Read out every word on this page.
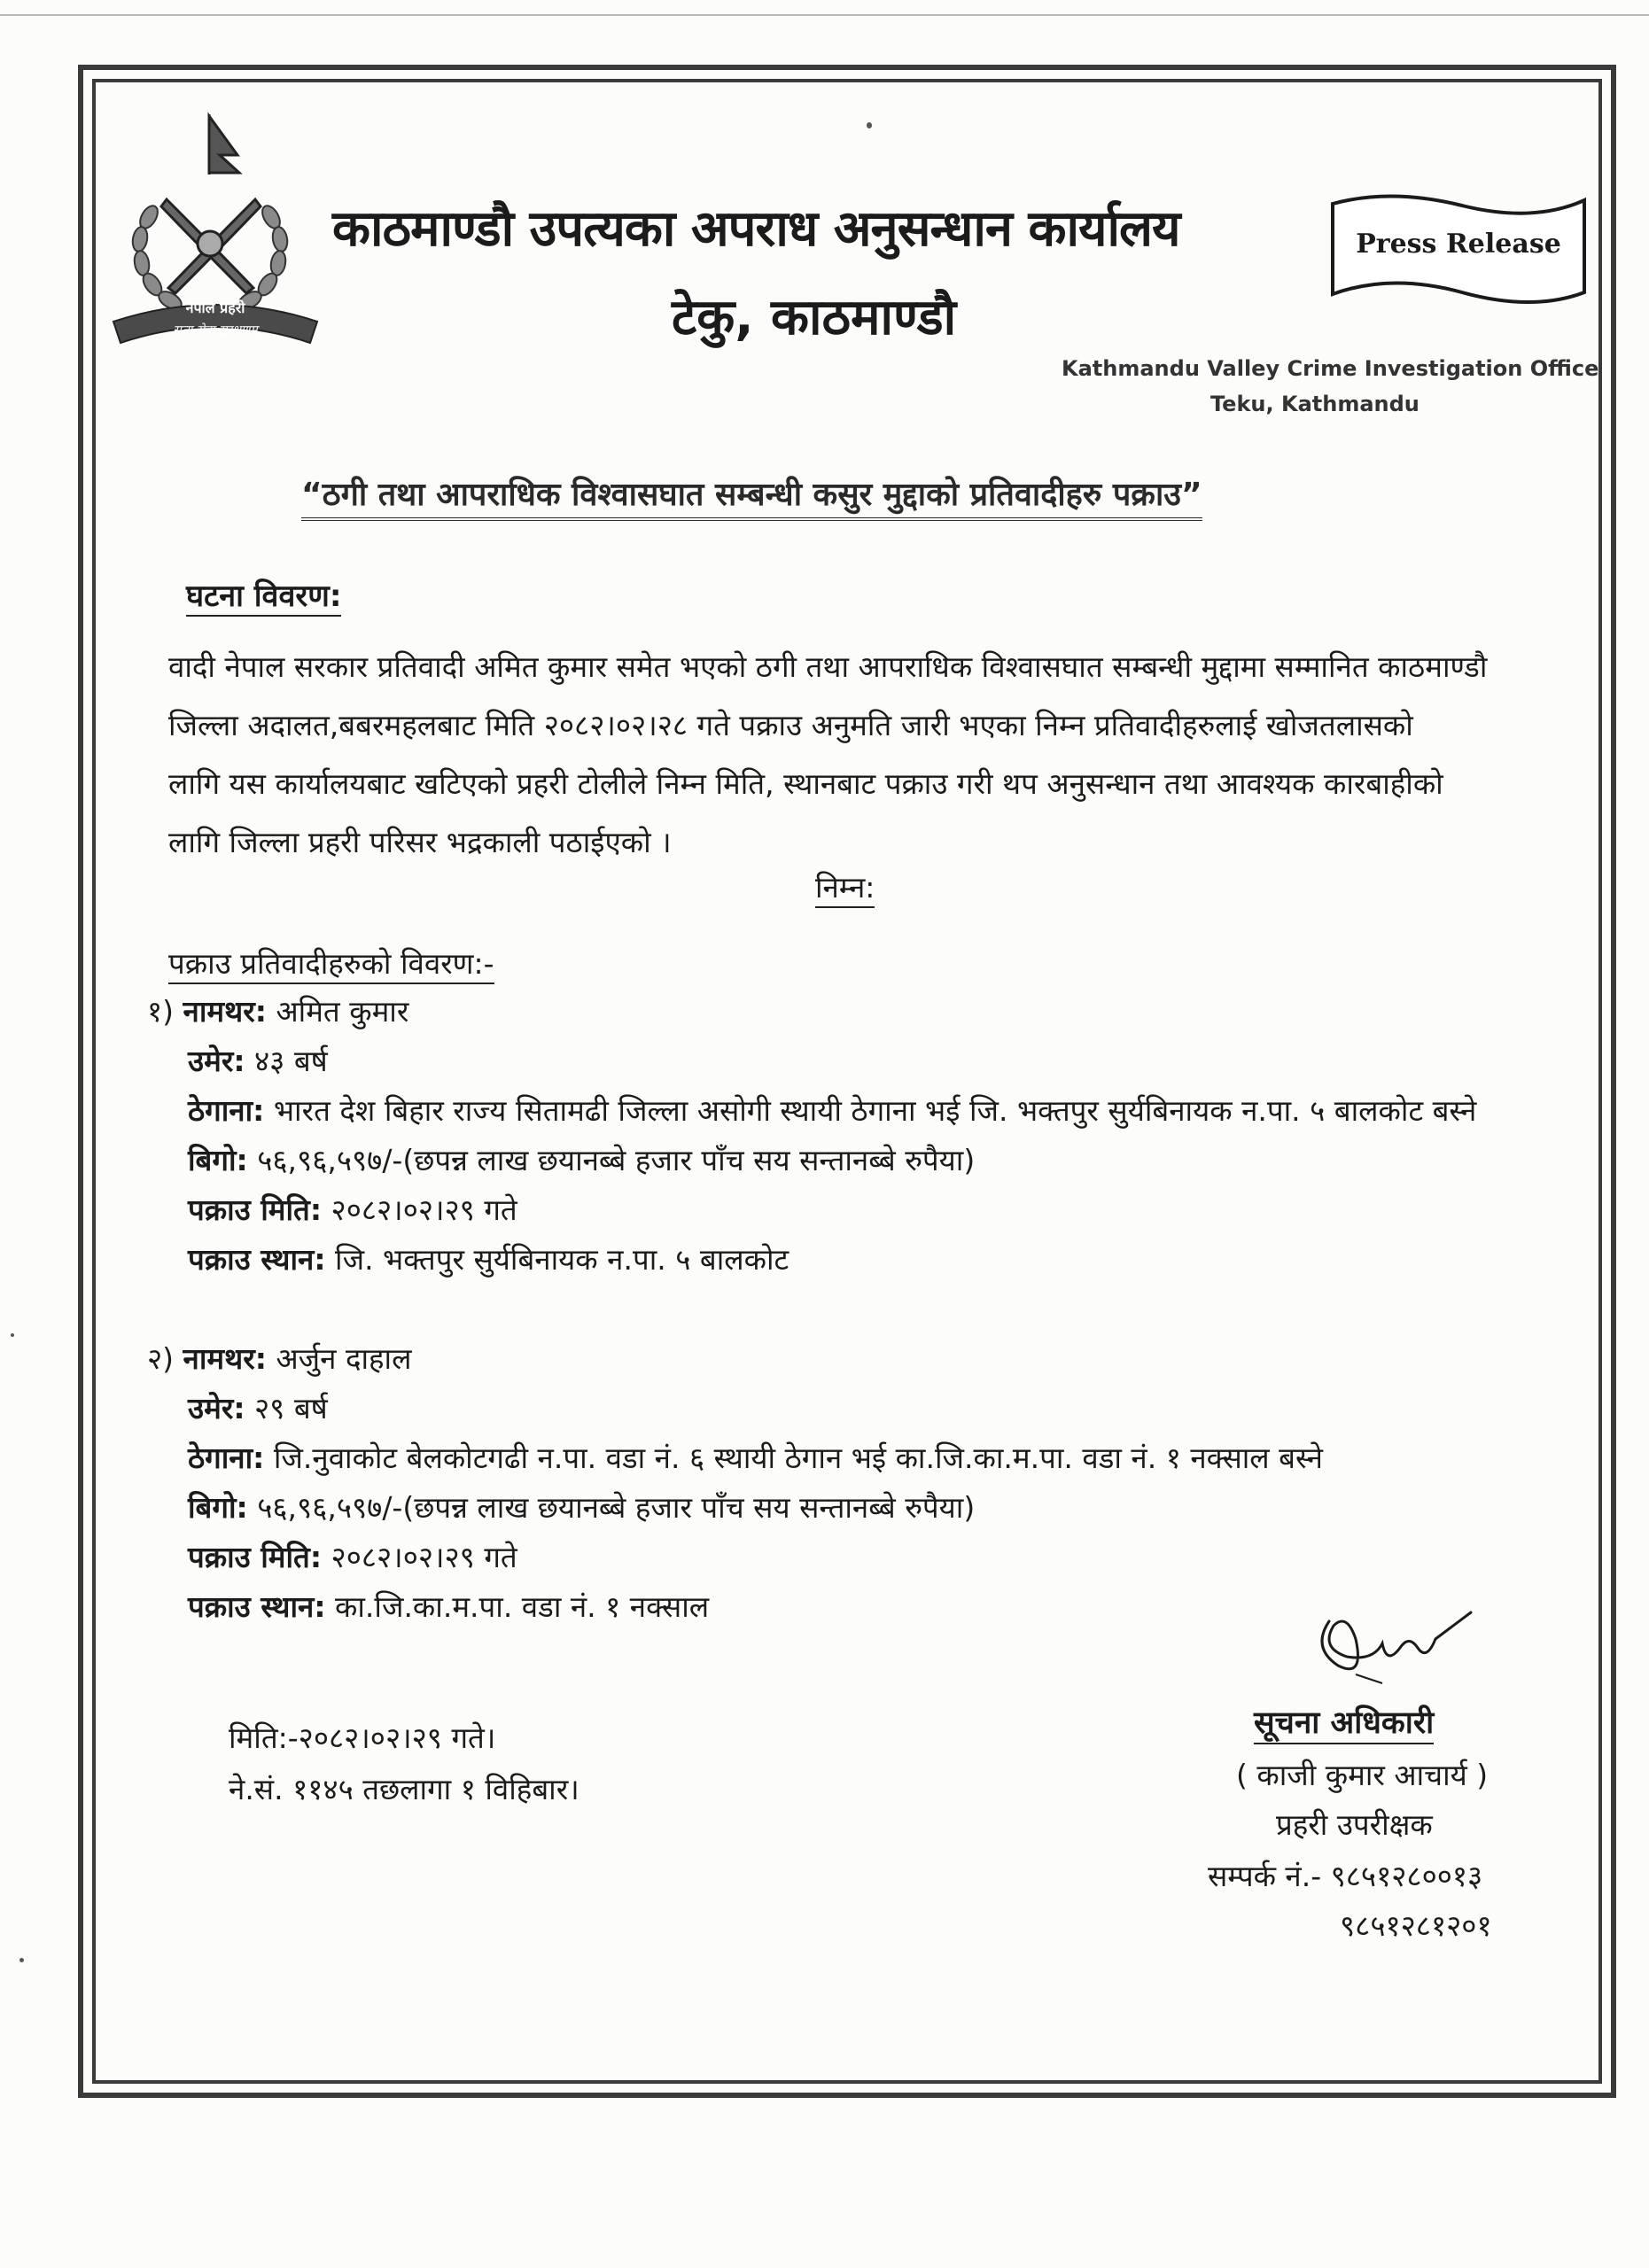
नेपाल प्रहरी
सत्य सेवा सुरक्षणम्
काठमाण्डौ उपत्यका अपराध अनुसन्धान कार्यालय
टेकु, काठमाण्डौ
Press Release
Kathmandu Valley Crime Investigation Office
Teku, Kathmandu
“ठगी तथा आपराधिक विश्वासघात सम्बन्धी कसुर मुद्दाको प्रतिवादीहरु पक्राउ”
घटना विवरण:
वादी नेपाल सरकार प्रतिवादी अमित कुमार समेत भएको ठगी तथा आपराधिक विश्वासघात सम्बन्धी मुद्दामा सम्मानित काठमाण्डौ
जिल्ला अदालत,बबरमहलबाट मिति २०८२।०२।२८ गते पक्राउ अनुमति जारी भएका निम्न प्रतिवादीहरुलाई खोजतलासको
लागि यस कार्यालयबाट खटिएको प्रहरी टोलीले निम्न मिति, स्थानबाट पक्राउ गरी थप अनुसन्धान तथा आवश्यक कारबाहीको
लागि जिल्ला प्रहरी परिसर भद्रकाली पठाईएको ।
निम्न:
पक्राउ प्रतिवादीहरुको विवरण:-
१) नामथर: अमित कुमार
उमेर: ४३ बर्ष
ठेगाना: भारत देश बिहार राज्य सितामढी जिल्ला असोगी स्थायी ठेगाना भई जि. भक्तपुर सुर्यबिनायक न.पा. ५ बालकोट बस्ने
बिगो: ५६,९६,५९७/-(छपन्न लाख छयानब्बे हजार पाँच सय सन्तानब्बे रुपैया)
पक्राउ मिति: २०८२।०२।२९ गते
पक्राउ स्थान: जि. भक्तपुर सुर्यबिनायक न.पा. ५ बालकोट
२) नामथर: अर्जुन दाहाल
उमेर: २९ बर्ष
ठेगाना: जि.नुवाकोट बेलकोटगढी न.पा. वडा नं. ६ स्थायी ठेगान भई का.जि.का.म.पा. वडा नं. १ नक्साल बस्ने
बिगो: ५६,९६,५९७/-(छपन्न लाख छयानब्बे हजार पाँच सय सन्तानब्बे रुपैया)
पक्राउ मिति: २०८२।०२।२९ गते
पक्राउ स्थान: का.जि.का.म.पा. वडा नं. १ नक्साल
मिति:-२०८२।०२।२९ गते।
ने.सं. ११४५ तछलागा १ विहिबार।
सूचना अधिकारी
( काजी कुमार आचार्य )
प्रहरी उपरीक्षक
सम्पर्क नं.- ९८५१२८००१३
९८५१२८१२०१
